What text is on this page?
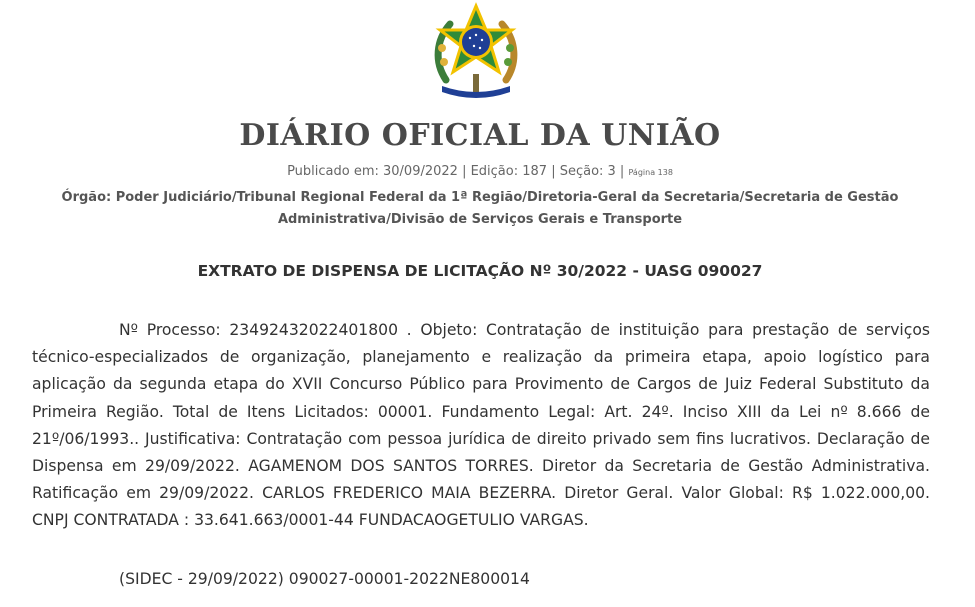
DIÁRIO OFICIAL DA UNIÃO
Publicado em: 30/09/2022 | Edição: 187 | Seção: 3 | Página 138
Órgão: Poder Judiciário/Tribunal Regional Federal da 1ª Região/Diretoria-Geral da Secretaria/Secretaria de Gestão Administrativa/Divisão de Serviços Gerais e Transporte
EXTRATO DE DISPENSA DE LICITAÇÃO Nº 30/2022 - UASG 090027
Nº Processo: 23492432022401800 . Objeto: Contratação de instituição para prestação de serviços técnico-especializados de organização, planejamento e realização da primeira etapa, apoio logístico para aplicação da segunda etapa do XVII Concurso Público para Provimento de Cargos de Juiz Federal Substituto da Primeira Região. Total de Itens Licitados: 00001. Fundamento Legal: Art. 24º. Inciso XIII da Lei nº 8.666 de 21º/06/1993.. Justificativa: Contratação com pessoa jurídica de direito privado sem fins lucrativos. Declaração de Dispensa em 29/09/2022. AGAMENOM DOS SANTOS TORRES. Diretor da Secretaria de Gestão Administrativa. Ratificação em 29/09/2022. CARLOS FREDERICO MAIA BEZERRA. Diretor Geral. Valor Global: R$ 1.022.000,00. CNPJ CONTRATADA : 33.641.663/0001-44 FUNDACAOGETULIO VARGAS.
(SIDEC - 29/09/2022) 090027-00001-2022NE800014
